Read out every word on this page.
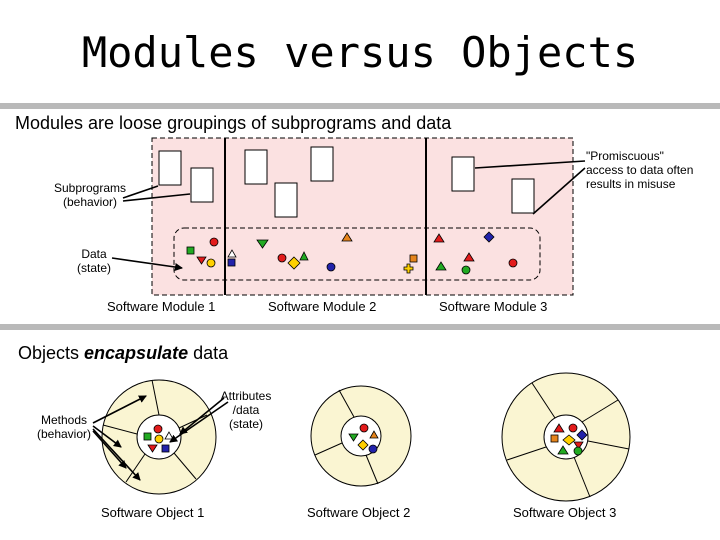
Modules versus Objects
Modules are loose groupings of subprograms and data
Objects encapsulate data
Subprograms
(behavior)
Data
(state)
"Promiscuous"
access to data often
results in misuse
Software Module 1	Software Module 2	Software Module 3
Methods
(behavior)
Attributes
/data
(state)
Software Object 1	Software Object 2	Software Object 3
